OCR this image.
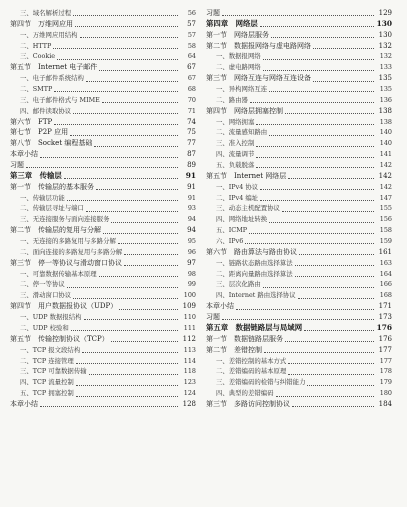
三、域名解析过程	56
第四节　万维网应用	57
一、万维网应用结构	57
二、HTTP	58
三、Cookie	64
第五节　Internet 电子邮件	67
一、电子邮件系统结构	67
二、SMTP	68
三、电子邮件格式与 MIME	70
四、邮件读取协议	71
第六节　FTP	74
第七节　P2P 应用	75
第八节　Socket 编程基础	77
本章小结	87
习题	89
第三章　传输层	91
第一节　传输层的基本服务	91
一、传输层功能	91
二、传输层寻址与端口	93
三、无连接服务与面向连接服务	94
第二节　传输层的复用与分解	94
一、无连接的多路复用与多路分解	95
二、面向连接的多路复用与多路分解	96
第三节　停一等协议与滑动窗口协议	97
一、可靠数据传输基本原理	98
二、停一等协议	99
三、滑动窗口协议	100
第四节　用户数据报协议（UDP）	109
一、UDP 数据报结构	110
二、UDP 校验和	111
第五节　传输控制协议（TCP）	112
一、TCP 报文段结构	113
二、TCP 连接管理	114
三、TCP 可靠数据传输	118
四、TCP 流量控制	123
五、TCP 拥塞控制	124
本章小结	128
习题	129
第四章　网络层	130
第一节　网络层服务	130
第二节　数据报网络与虚电路网络	132
一、数据报网络	132
二、虚电路网络	133
第三节　网络互连与网络互连设备	135
一、异构网络互连	135
二、路由器	136
第四节　网络层拥塞控制	138
一、网络拥塞	138
二、流量感知路由	140
三、准入控制	140
四、流量调节	141
五、负载脱落	142
第五节　Internet 网络层	142
一、IPv4 协议	142
二、IPv4 编址	147
三、动态主机配置协议	155
四、网络地址转换	156
五、ICMP	158
六、IPv6	159
第六节　路由算法与路由协议	161
一、链路状态路由选择算法	163
二、距离向量路由选择算法	164
三、层次化路由	166
四、Internet 路由选择协议	168
本章小结	171
习题	173
第五章　数据链路层与局域网	176
第一节　数据链路层服务	176
第二节　差错控制	177
一、差错控制的基本方式	177
二、差错编码的基本原理	178
三、差错编码的检错与纠错能力	179
四、典型的差错编码	180
第三节　多路访问控制协议	184
